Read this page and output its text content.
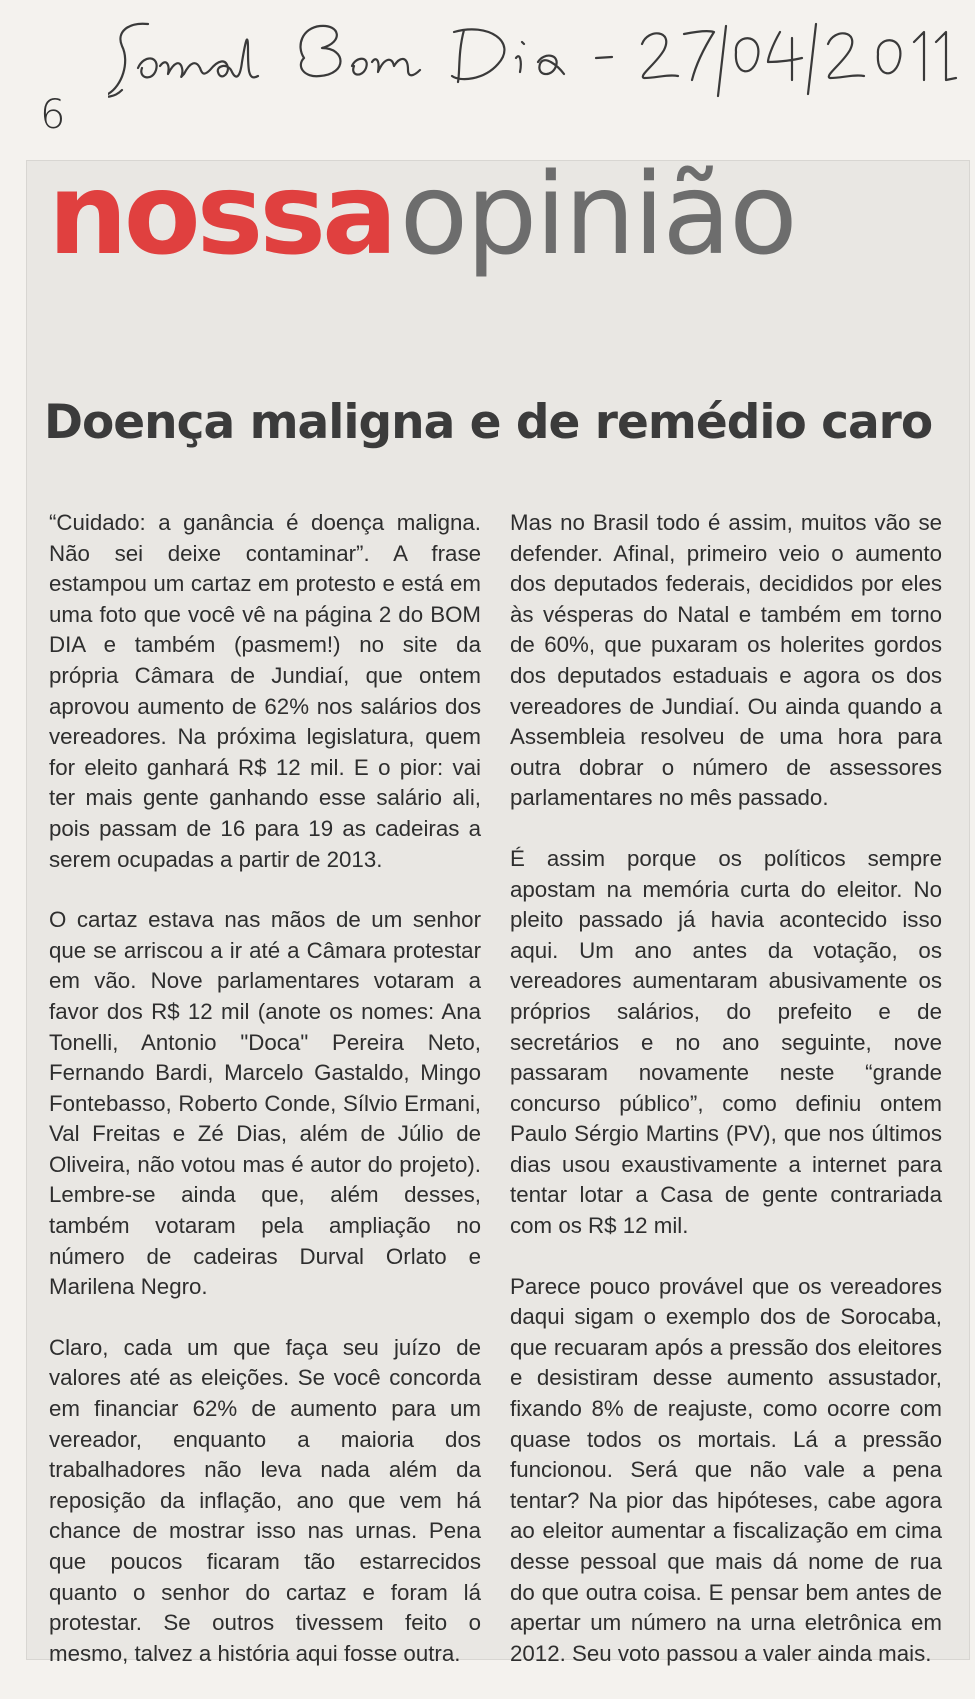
6
nossaopinião
Doença maligna e de remédio caro

“Cuidado: a ganância é doença maligna. Não sei deixe contaminar”. A frase estampou um cartaz em protesto e está em uma foto que você vê na página 2 do BOM DIA e também (pasmem!) no site da própria Câmara de Jundiaí, que ontem aprovou aumento de 62% nos salários dos vereadores. Na próxima legislatura, quem for eleito ganhará R$ 12 mil. E o pior: vai ter mais gente ganhando esse salário ali, pois passam de 16 para 19 as cadeiras a serem ocupadas a partir de 2013.

O cartaz estava nas mãos de um senhor que se arriscou a ir até a Câmara protestar em vão. Nove parlamentares votaram a favor dos R$ 12 mil (anote os nomes: Ana Tonelli, Antonio "Doca" Pereira Neto, Fernando Bardi, Marcelo Gastaldo, Mingo Fontebasso, Roberto Conde, Sílvio Ermani, Val Freitas e Zé Dias, além de Júlio de Oliveira, não votou mas é autor do projeto). Lembre-se ainda que, além desses, também votaram pela ampliação no número de cadeiras Durval Orlato e Marilena Negro.

Claro, cada um que faça seu juízo de valores até as eleições. Se você concorda em financiar 62% de aumento para um vereador, enquanto a maioria dos trabalhadores não leva nada além da reposição da inflação, ano que vem há chance de mostrar isso nas urnas. Pena que poucos ficaram tão estarrecidos quanto o senhor do cartaz e foram lá protestar. Se outros tivessem feito o mesmo, talvez a história aqui fosse outra.

Mas no Brasil todo é assim, muitos vão se defender. Afinal, primeiro veio o aumento dos deputados federais, decididos por eles às vésperas do Natal e também em torno de 60%, que puxaram os holerites gordos dos deputados estaduais e agora os dos vereadores de Jundiaí. Ou ainda quando a Assembleia resolveu de uma hora para outra dobrar o número de assessores parlamentares no mês passado.

É assim porque os políticos sempre apostam na memória curta do eleitor. No pleito passado já havia acontecido isso aqui. Um ano antes da votação, os vereadores aumentaram abusivamente os próprios salários, do prefeito e de secretários e no ano seguinte, nove passaram novamente neste “grande concurso público”, como definiu ontem Paulo Sérgio Martins (PV), que nos últimos dias usou exaustivamente a internet para tentar lotar a Casa de gente contrariada com os R$ 12 mil.

Parece pouco provável que os vereadores daqui sigam o exemplo dos de Sorocaba, que recuaram após a pressão dos eleitores e desistiram desse aumento assustador, fixando 8% de reajuste, como ocorre com quase todos os mortais. Lá a pressão funcionou. Será que não vale a pena tentar? Na pior das hipóteses, cabe agora ao eleitor aumentar a fiscalização em cima desse pessoal que mais dá nome de rua do que outra coisa. E pensar bem antes de apertar um número na urna eletrônica em 2012. Seu voto passou a valer ainda mais.
